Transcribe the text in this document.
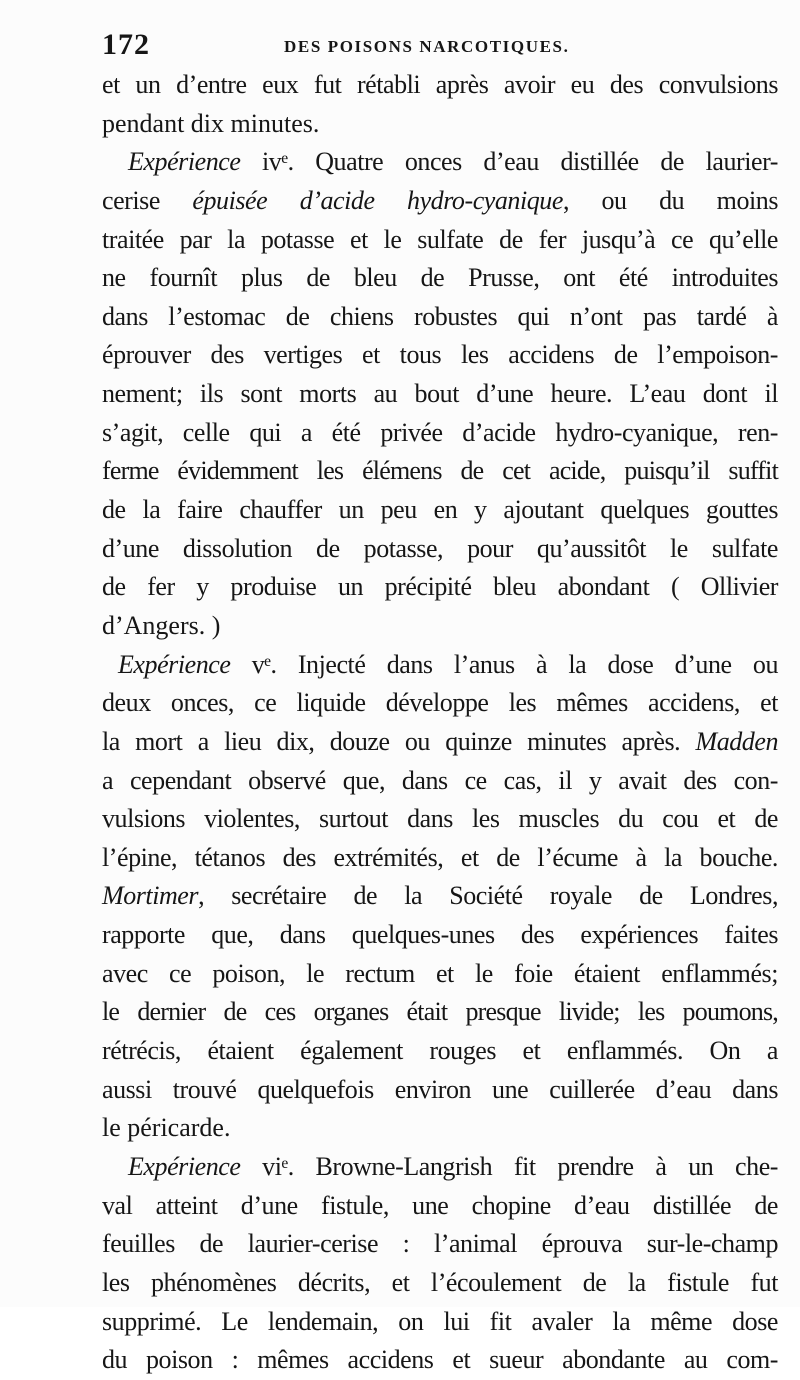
172	DES POISONS NARCOTIQUES.
et un d’entre eux fut rétabli après avoir eu des convulsions
pendant dix minutes.
Expérience ivᵉ. Quatre onces d’eau distillée de laurier-
cerise épuisée d’acide hydro-cyanique, ou du moins
traitée par la potasse et le sulfate de fer jusqu’à ce qu’elle
ne fournît plus de bleu de Prusse, ont été introduites
dans l’estomac de chiens robustes qui n’ont pas tardé à
éprouver des vertiges et tous les accidens de l’empoison-
nement; ils sont morts au bout d’une heure. L’eau dont il
s’agit, celle qui a été privée d’acide hydro-cyanique, ren-
ferme évidemment les élémens de cet acide, puisqu’il suffit
de la faire chauffer un peu en y ajoutant quelques gouttes
d’une dissolution de potasse, pour qu’aussitôt le sulfate
de fer y produise un précipité bleu abondant ( Ollivier
d’Angers. )
Expérience vᵉ. Injecté dans l’anus à la dose d’une ou
deux onces, ce liquide développe les mêmes accidens, et
la mort a lieu dix, douze ou quinze minutes après. Madden
a cependant observé que, dans ce cas, il y avait des con-
vulsions violentes, surtout dans les muscles du cou et de
l’épine, tétanos des extrémités, et de l’écume à la bouche.
Mortimer, secrétaire de la Société royale de Londres,
rapporte que, dans quelques-unes des expériences faites
avec ce poison, le rectum et le foie étaient enflammés;
le dernier de ces organes était presque livide; les poumons,
rétrécis, étaient également rouges et enflammés. On a
aussi trouvé quelquefois environ une cuillerée d’eau dans
le péricarde.
Expérience viᵉ. Browne-Langrish fit prendre à un che-
val atteint d’une fistule, une chopine d’eau distillée de
feuilles de laurier-cerise : l’animal éprouva sur-le-champ
les phénomènes décrits, et l’écoulement de la fistule fut
supprimé. Le lendemain, on lui fit avaler la même dose
du poison : mêmes accidens et sueur abondante au com-
